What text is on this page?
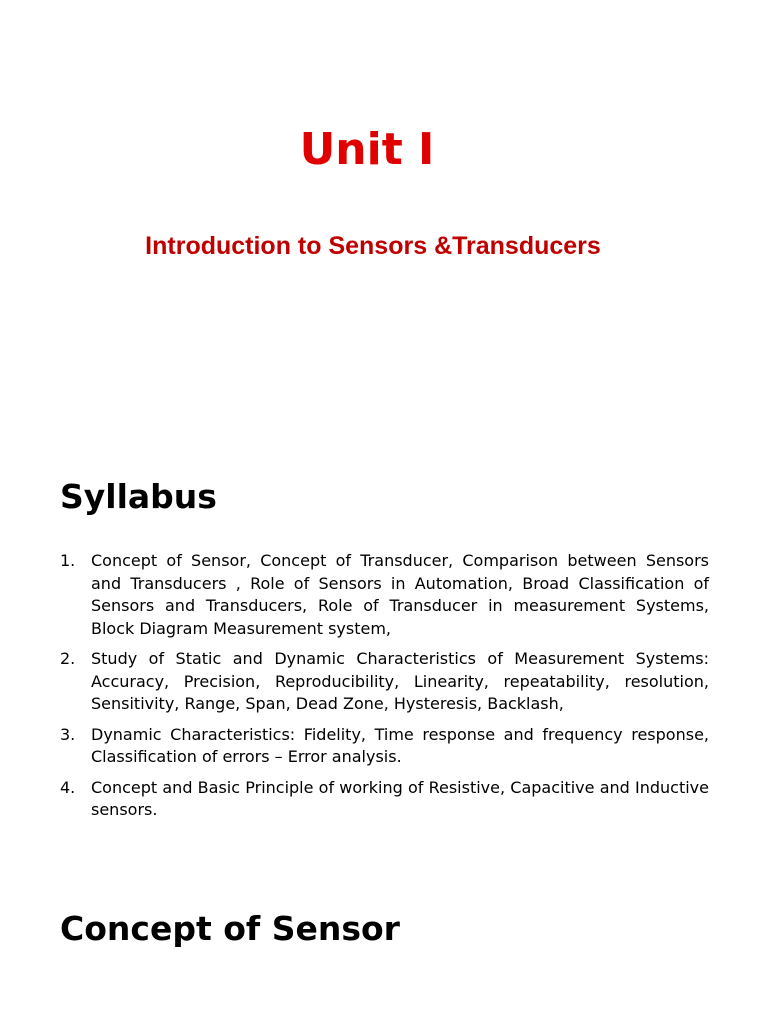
Unit I
Introduction to Sensors &Transducers
Syllabus
1. Concept of Sensor, Concept of Transducer, Comparison between Sensors and Transducers , Role of Sensors in Automation, Broad Classification of Sensors and Transducers, Role of Transducer in measurement Systems, Block Diagram Measurement system,
2. Study of Static and Dynamic Characteristics of Measurement Systems: Accuracy, Precision, Reproducibility, Linearity, repeatability, resolution, Sensitivity, Range, Span, Dead Zone, Hysteresis, Backlash,
3. Dynamic Characteristics: Fidelity, Time response and frequency response, Classification of errors – Error analysis.
4. Concept and Basic Principle of working of Resistive, Capacitive and Inductive sensors.
Concept of Sensor
